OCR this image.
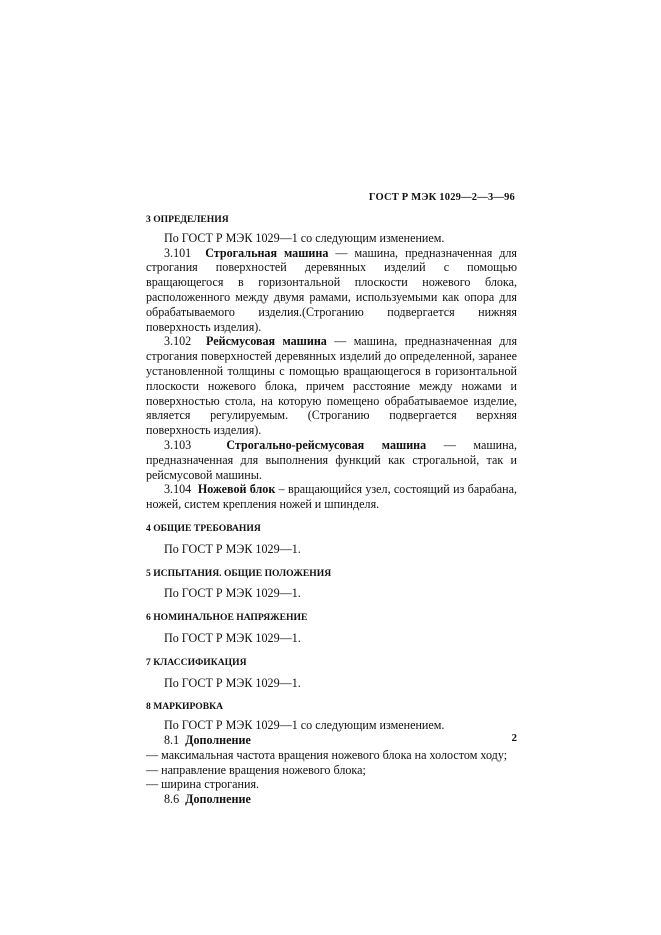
ГОСТ Р МЭК 1029—2—3—96
3 ОПРЕДЕЛЕНИЯ

По ГОСТ Р МЭК 1029—1 со следующим изменением.

3.101 Строгальная машина — машина, предназначенная для строгания поверхностей деревянных изделий с помощью вращающегося в горизонтальной плоскости ножевого блока, расположенного между двумя рамами, используемыми как опора для обрабатываемого изделия.(Строганию подвергается нижняя поверхность изделия).

3.102 Рейсмусовая машина — машина, предназначенная для строгания поверхностей деревянных изделий до определенной, заранее установленной толщины с помощью вращающегося в горизонтальной плоскости ножевого блока, причем расстояние между ножами и поверхностью стола, на которую помещено обрабатываемое изделие, является регулируемым. (Строганию подвергается верхняя поверхность изделия).

3.103	Строгально-рейсмусовая машина — машина, предназначенная для выполнения функций как строгальной, так и рейсмусовой машины.

3.104 Ножевой блок – вращающийся узел, состоящий из барабана, ножей, систем крепления ножей и шпинделя.

4 ОБЩИЕ ТРЕБОВАНИЯ

По ГОСТ Р МЭК 1029—1.

5 ИСПЫТАНИЯ. ОБЩИЕ ПОЛОЖЕНИЯ

По ГОСТ Р МЭК 1029—1.

6 НОМИНАЛЬНОЕ НАПРЯЖЕНИЕ

По ГОСТ Р МЭК 1029—1.

7 КЛАССИФИКАЦИЯ

По ГОСТ Р МЭК 1029—1.

8 МАРКИРОВКА

По ГОСТ Р МЭК 1029—1 со следующим изменением.

8.1 Дополнение

— максимальная частота вращения ножевого блока на холостом ходу;

— направление вращения ножевого блока;

— ширина строгания.

8.6 Дополнение

2
